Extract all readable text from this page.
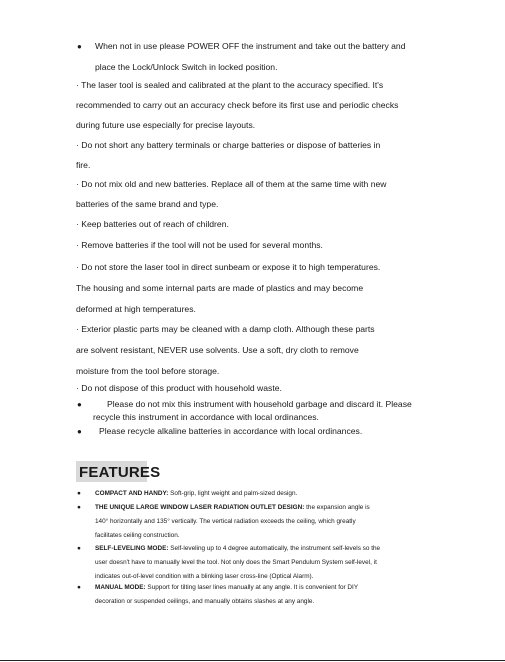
● When not in use please POWER OFF the instrument and take out the battery and
place the Lock/Unlock Switch in locked position.
· The laser tool is sealed and calibrated at the plant to the accuracy specified. It's
recommended to carry out an accuracy check before its first use and periodic checks
during future use especially for precise layouts.
· Do not short any battery terminals or charge batteries or dispose of batteries in
fire.
· Do not mix old and new batteries. Replace all of them at the same time with new
batteries of the same brand and type.
· Keep batteries out of reach of children.
· Remove batteries if the tool will not be used for several months.
· Do not store the laser tool in direct sunbeam or expose it to high temperatures.
The housing and some internal parts are made of plastics and may become
deformed at high temperatures.
· Exterior plastic parts may be cleaned with a damp cloth. Although these parts
are solvent resistant, NEVER use solvents. Use a soft, dry cloth to remove
moisture from the tool before storage.
· Do not dispose of this product with household waste.
●	Please do not mix this instrument with household garbage and discard it. Please
recycle this instrument in accordance with local ordinances.
● Please recycle alkaline batteries in accordance with local ordinances.
FEATURES
● COMPACT AND HANDY: Soft-grip, light weight and palm-sized design.
● THE UNIQUE LARGE WINDOW LASER RADIATION OUTLET DESIGN: the expansion angle is
140° horizontally and 135° vertically. The vertical radiation exceeds the ceiling, which greatly
facilitates ceiling construction.
● SELF-LEVELING MODE: Self-leveling up to 4 degree automatically, the instrument self-levels so the
user doesn't have to manually level the tool. Not only does the Smart Pendulum System self-level, it
indicates out-of-level condition with a blinking laser cross-line (Optical Alarm).
● MANUAL MODE: Support for tilting laser lines manually at any angle. It is convenient for DIY
decoration or suspended ceilings, and manually obtains slashes at any angle.
